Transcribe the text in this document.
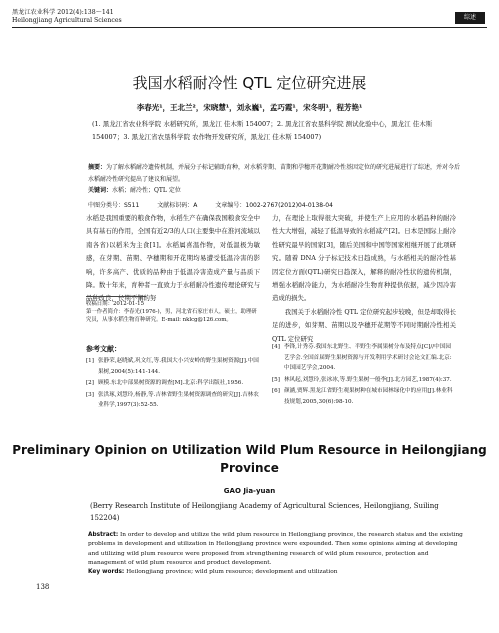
黑龙江农业科学 2012(4):138～141
Heilongjiang Agricultural Sciences	综述
我国水稻耐冷性 QTL 定位研究进展
李春光¹，王北兰²，宋晓慧¹，刘永巍¹，孟巧霞¹，宋冬明¹，程芳艳¹
(1. 黑龙江省农业科学院 水稻研究所，黑龙江 佳木斯 154007；2. 黑龙江省农垦科学院 测试化验中心，黑龙江 佳木斯 154007；3. 黑龙江省农垦科学院 农作物开发研究所，黑龙江 佳木斯 154007)
摘要：为了解水稻耐冷遗传机制，并展分子标记辅助育种，对水稻芽期、苗期和孕穗开花期耐冷性基因定位的研究进展进行了综述，并对今后水稻耐冷性研究提出了建议和展望。
关键词：水稻；耐冷性；QTL 定位
中图分类号：S511	文献标识码：A	文章编号：1002-2767(2012)04-0138-04
水稻是我国重要的粮食作物，水稻生产在确保我国粮食安全中具有基石的作用，全国有近2/3的人口(主要集中在淮河流域以南各省)以稻米为主食[1]。水稻属喜温作物，对低温极为敏感，在芽期、苗期、孕穗期和开花期均易遭受低温冷害的影响，许多高产、优质的品种由于低温冷害造成产量与品质下降。数十年来，育种者一直致力于水稻耐冷性遗传理论研究与品种改良，长期不懈的努
力，在理论上取得很大突破，并使生产上应用的水稻品种的耐冷性大大增强，减轻了低温导致的水稻减产[2]。日本是国际上耐冷性研究最早的国家[3]，随后美国和中国等国家相继开展了此项研究。随着 DNA 分子标记技术日趋成熟，与水稻相关的耐冷性基因定位方面(QTL)研究日趋深入，解释的耐冷性状的遗传机制，增强水稻耐冷能力，为水稻耐冷生物育种提供依据，减少因冷害造成的损失。
我国关于水稻耐冷性 QTL 定位研究起步较晚，但是却取得长足的进步，如芽期、苗期以及孕穗开花期等不同时期耐冷性相关 QTL 定位研究
收稿日期：2012-01-15
第一作者简介：李春光(1976-)，男，河北省石家庄市人，硕士，助理研究员，从事水稻生物育种研究。E-mail: nklcg@126.com。
参考文献：
[1] 张静荣,赵晓斌,巩文红,等.我国大小兴安岭的野生果树资源[J].中国果树,2004(5):141-144.
[2] 顾模.东北中部果树资源的调查[M].北京:科学出版社,1956.
[3] 张洪琢,刘慧玲,杨静,等.吉林省野生果树资源调查的研究[J].吉林农业科学,1997(3):52-55.
[4] 李锋,计秀芬.我国东北野生、半野生李属果树分布及特点[C]//中国园艺学会.全国首届野生果树资源与开发利用学术研讨会论文汇编.北京:中国园艺学会,2004.
[5] 林风起,刘慧玲,张冰冰,等.野生果树一般李[J].北方园艺,1987(4):37.
[6] 颜涵,贾辉.黑龙江省野生观果树种在城市园林绿化中的应用[J].林业科技规划,2005,30(6):98-10.
Preliminary Opinion on Utilization Wild Plum Resource in Heilongjiang Province
GAO Jia-yuan
(Berry Research Institute of Heilongjiang Academy of Agricultural Sciences, Heilongjiang, Suiling 152204)
Abstract: In order to develop and utilize the wild plum resource in Heilongjiang province, the research status and the existing problems in development and utilization in Heilongjiang province were expounded. Then some opinions aiming at developing and utilizing wild plum resource were proposed from strengthening research of wild plum resource, protection and management of wild plum resource and product development.
Key words: Heilongjiang province; wild plum resource; development and utilization
138
